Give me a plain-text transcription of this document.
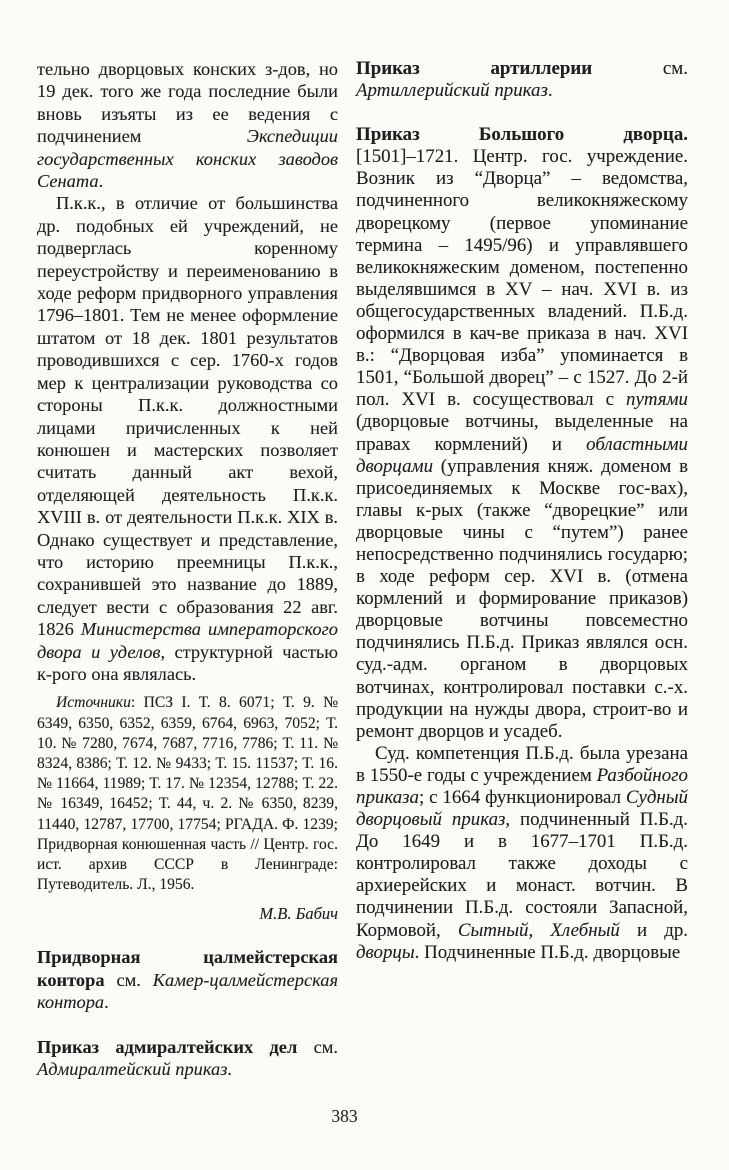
тельно дворцовых конских з-дов, но 19 дек. того же года последние были вновь изъяты из ее ведения с подчинением Экспедиции государственных конских заводов Сената.

П.к.к., в отличие от большинства др. подобных ей учреждений, не подверглась коренному переустройству и переименованию в ходе реформ придворного управления 1796–1801. Тем не менее оформление штатом от 18 дек. 1801 результатов проводившихся с сер. 1760-х годов мер к централизации руководства со стороны П.к.к. должностными лицами причисленных к ней конюшен и мастерских позволяет считать данный акт вехой, отделяющей деятельность П.к.к. XVIII в. от деятельности П.к.к. XIX в. Однако существует и представление, что историю преемницы П.к.к., сохранившей это название до 1889, следует вести с образования 22 авг. 1826 Министерства императорского двора и уделов, структурной частью к-рого она являлась.

Источники: ПСЗ I. Т. 8. 6071; Т. 9. № 6349, 6350, 6352, 6359, 6764, 6963, 7052; Т. 10. № 7280, 7674, 7687, 7716, 7786; Т. 11. № 8324, 8386; Т. 12. № 9433; Т. 15. 11537; Т. 16. № 11664, 11989; Т. 17. № 12354, 12788; Т. 22. № 16349, 16452; Т. 44, ч. 2. № 6350, 8239, 11440, 12787, 17700, 17754; РГАДА. Ф. 1239; Придворная конюшенная часть // Центр. гос. ист. архив СССР в Ленинграде: Путеводитель. Л., 1956.

М.В. Бабич

Придворная цалмейстерская контора см. Камер-цалмейстерская контора.

Приказ адмиралтейских дел см. Адмиралтейский приказ.

Приказ артиллерии см. Артиллерийский приказ.

Приказ Большого дворца.

[1501]–1721. Центр. гос. учреждение. Возник из “Дворца” – ведомства, подчиненного великокняжескому дворецкому (первое упоминание термина – 1495/96) и управлявшего великокняжеским доменом, постепенно выделявшимся в XV – нач. XVI в. из общегосударственных владений. П.Б.д. оформился в кач-ве приказа в нач. XVI в.: “Дворцовая изба” упоминается в 1501, “Большой дворец” – с 1527. До 2-й пол. XVI в. сосуществовал с путями (дворцовые вотчины, выделенные на правах кормлений) и областными дворцами (управления княж. доменом в присоединяемых к Москве гос-вах), главы к-рых (также “дворецкие” или дворцовые чины с “путем”) ранее непосредственно подчинялись государю; в ходе реформ сер. XVI в. (отмена кормлений и формирование приказов) дворцовые вотчины повсеместно подчинялись П.Б.д. Приказ являлся осн. суд.-адм. органом в дворцовых вотчинах, контролировал поставки с.-х. продукции на нужды двора, строит-во и ремонт дворцов и усадеб.

Суд. компетенция П.Б.д. была урезана в 1550-е годы с учреждением Разбойного приказа; с 1664 функционировал Судный дворцовый приказ, подчиненный П.Б.д. До 1649 и в 1677–1701 П.Б.д. контролировал также доходы с архиерейских и монаст. вотчин. В подчинении П.Б.д. состояли Запасной, Кормовой, Сытный, Хлебный и др. дворцы. Подчиненные П.Б.д. дворцовые

383
